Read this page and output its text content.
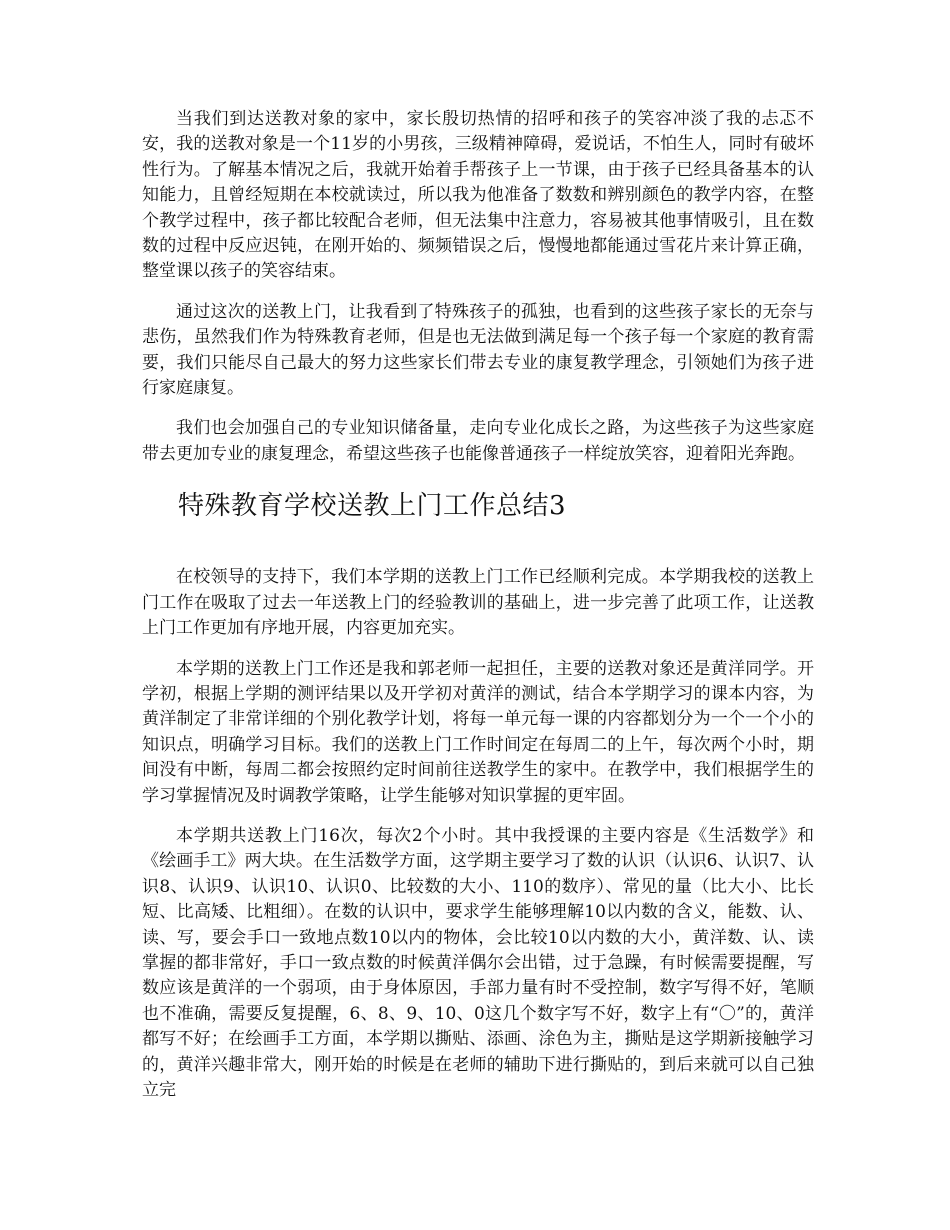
当我们到达送教对象的家中，家长殷切热情的招呼和孩子的笑容冲淡了我的忐忑不安，我的送教对象是一个11岁的小男孩，三级精神障碍，爱说话，不怕生人，同时有破坏性行为。了解基本情况之后，我就开始着手帮孩子上一节课，由于孩子已经具备基本的认知能力，且曾经短期在本校就读过，所以我为他准备了数数和辨别颜色的教学内容，在整个教学过程中，孩子都比较配合老师，但无法集中注意力，容易被其他事情吸引，且在数数的过程中反应迟钝，在刚开始的、频频错误之后，慢慢地都能通过雪花片来计算正确，整堂课以孩子的笑容结束。

通过这次的送教上门，让我看到了特殊孩子的孤独，也看到的这些孩子家长的无奈与悲伤，虽然我们作为特殊教育老师，但是也无法做到满足每一个孩子每一个家庭的教育需要，我们只能尽自己最大的努力这些家长们带去专业的康复教学理念，引领她们为孩子进行家庭康复。

我们也会加强自己的专业知识储备量，走向专业化成长之路，为这些孩子为这些家庭带去更加专业的康复理念，希望这些孩子也能像普通孩子一样绽放笑容，迎着阳光奔跑。

特殊教育学校送教上门工作总结3

在校领导的支持下，我们本学期的送教上门工作已经顺利完成。本学期我校的送教上门工作在吸取了过去一年送教上门的经验教训的基础上，进一步完善了此项工作，让送教上门工作更加有序地开展，内容更加充实。

本学期的送教上门工作还是我和郭老师一起担任，主要的送教对象还是黄洋同学。开学初，根据上学期的测评结果以及开学初对黄洋的测试，结合本学期学习的课本内容，为黄洋制定了非常详细的个别化教学计划，将每一单元每一课的内容都划分为一个一个小的知识点，明确学习目标。我们的送教上门工作时间定在每周二的上午，每次两个小时，期间没有中断，每周二都会按照约定时间前往送教学生的家中。在教学中，我们根据学生的学习掌握情况及时调教学策略，让学生能够对知识掌握的更牢固。

本学期共送教上门16次，每次2个小时。其中我授课的主要内容是《生活数学》和《绘画手工》两大块。在生活数学方面，这学期主要学习了数的认识（认识6、认识7、认识8、认识9、认识10、认识0、比较数的大小、110的数序）、常见的量（比大小、比长短、比高矮、比粗细）。在数的认识中，要求学生能够理解10以内数的含义，能数、认、读、写，要会手口一致地点数10以内的物体，会比较10以内数的大小，黄洋数、认、读掌握的都非常好，手口一致点数的时候黄洋偶尔会出错，过于急躁，有时候需要提醒，写数应该是黄洋的一个弱项，由于身体原因，手部力量有时不受控制，数字写得不好，笔顺也不准确，需要反复提醒，6、8、9、10、0这几个数字写不好，数字上有“〇”的，黄洋都写不好；在绘画手工方面，本学期以撕贴、添画、涂色为主，撕贴是这学期新接触学习的，黄洋兴趣非常大，刚开始的时候是在老师的辅助下进行撕贴的，到后来就可以自己独立完
